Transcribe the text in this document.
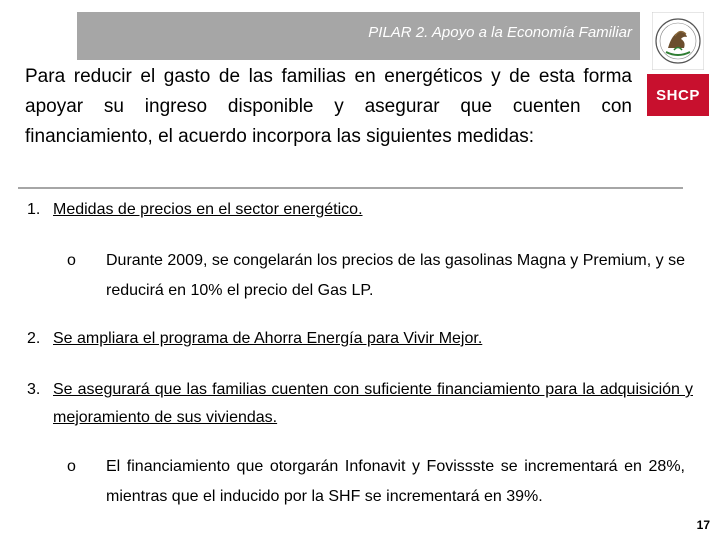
PILAR 2. Apoyo a la Economía Familiar
SHCP
Para reducir el gasto de las familias en energéticos y de esta forma apoyar su ingreso disponible y asegurar que cuenten con financiamiento, el acuerdo incorpora las siguientes medidas:
1. Medidas de precios en el sector energético.
o Durante 2009, se congelarán los precios de las gasolinas Magna y Premium, y se reducirá en 10% el precio del Gas LP.
2. Se ampliara el programa de Ahorra Energía para Vivir Mejor.
3. Se asegurará que las familias cuenten con suficiente financiamiento para la adquisición y mejoramiento de sus viviendas.
o El financiamiento que otorgarán Infonavit y Fovissste se incrementará en 28%, mientras que el inducido por la SHF se incrementará en 39%.
17
